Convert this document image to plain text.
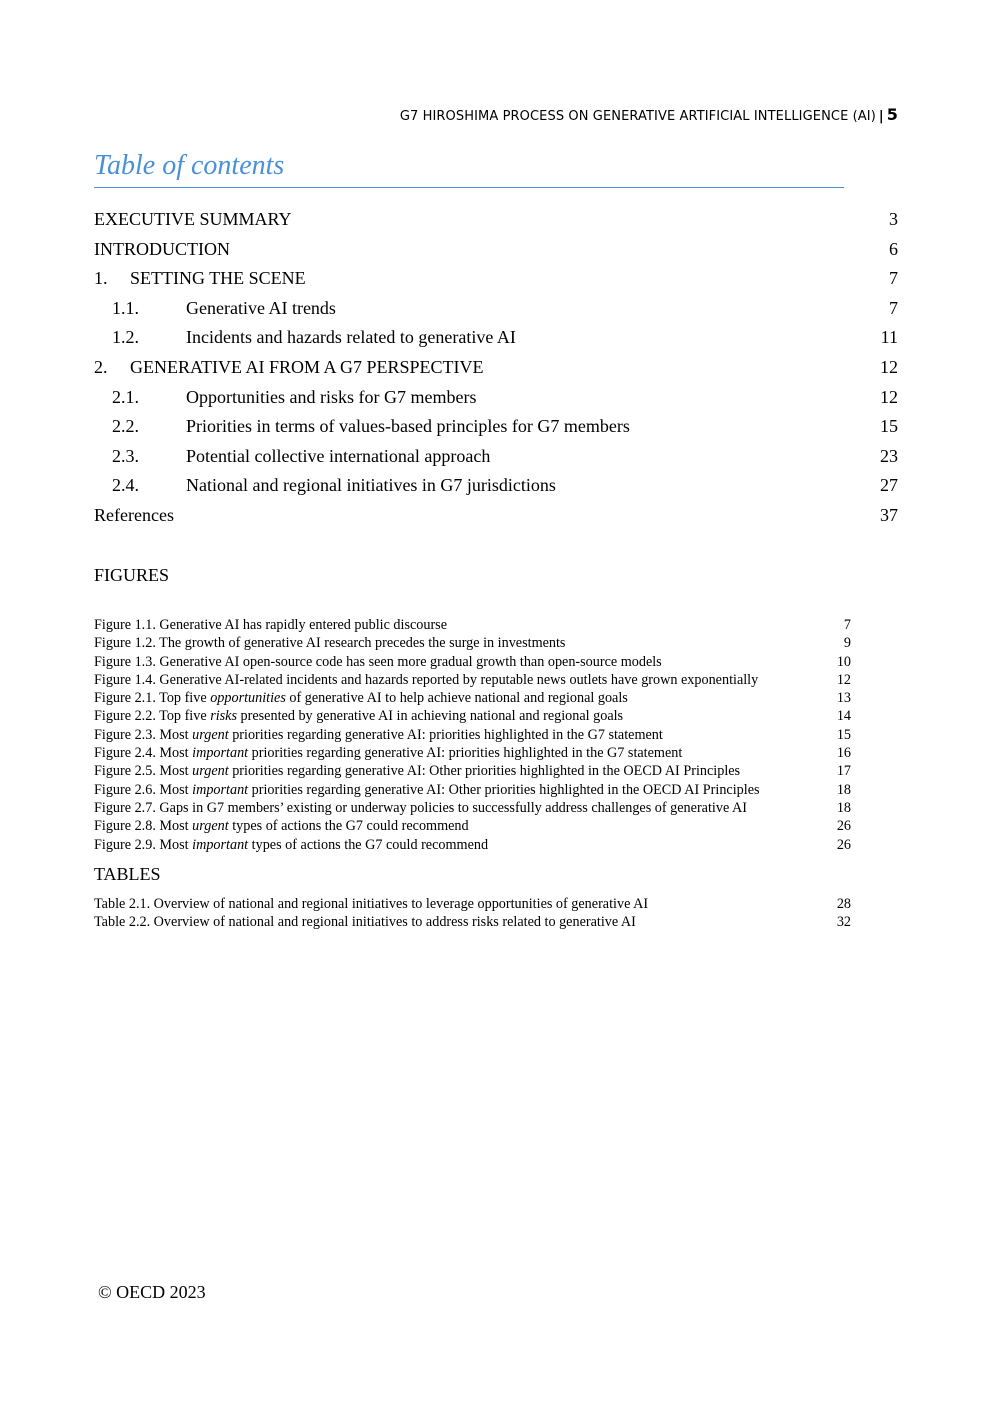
G7 HIROSHIMA PROCESS ON GENERATIVE ARTIFICIAL INTELLIGENCE (AI) | 5
Table of contents
EXECUTIVE SUMMARY	3
INTRODUCTION	6
1. SETTING THE SCENE	7
1.1.	Generative AI trends	7
1.2.	Incidents and hazards related to generative AI	11
2. GENERATIVE AI FROM A G7 PERSPECTIVE	12
2.1.	Opportunities and risks for G7 members	12
2.2.	Priorities in terms of values-based principles for G7 members	15
2.3.	Potential collective international approach	23
2.4.	National and regional initiatives in G7 jurisdictions	27
References	37
FIGURES
Figure 1.1. Generative AI has rapidly entered public discourse	7
Figure 1.2. The growth of generative AI research precedes the surge in investments	9
Figure 1.3. Generative AI open-source code has seen more gradual growth than open-source models	10
Figure 1.4. Generative AI-related incidents and hazards reported by reputable news outlets have grown exponentially	12
Figure 2.1. Top five opportunities of generative AI to help achieve national and regional goals	13
Figure 2.2. Top five risks presented by generative AI in achieving national and regional goals	14
Figure 2.3. Most urgent priorities regarding generative AI: priorities highlighted in the G7 statement	15
Figure 2.4. Most important priorities regarding generative AI: priorities highlighted in the G7 statement	16
Figure 2.5. Most urgent priorities regarding generative AI: Other priorities highlighted in the OECD AI Principles	17
Figure 2.6. Most important priorities regarding generative AI: Other priorities highlighted in the OECD AI Principles	18
Figure 2.7. Gaps in G7 members’ existing or underway policies to successfully address challenges of generative AI	18
Figure 2.8. Most urgent types of actions the G7 could recommend	26
Figure 2.9. Most important types of actions the G7 could recommend	26
TABLES
Table 2.1. Overview of national and regional initiatives to leverage opportunities of generative AI	28
Table 2.2. Overview of national and regional initiatives to address risks related to generative AI	32
© OECD 2023
